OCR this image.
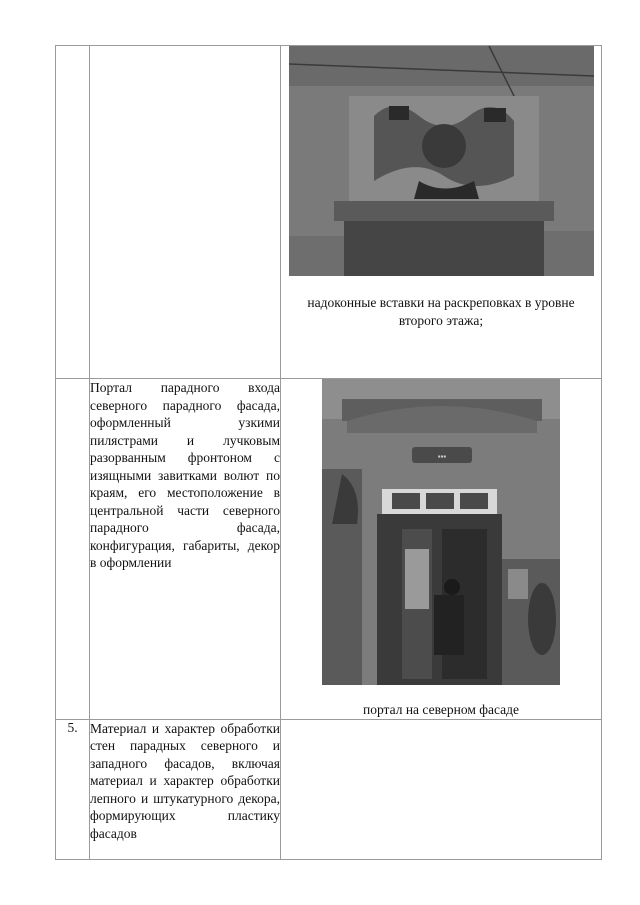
		надоконные вставки на раскреповках в уровне второго этажа;

	Портал парадного входа северного парадного фасада, оформленный узкими пилястрами и лучковым разорванным фронтоном с изящными завитками волют по краям, его местоположение в центральной части северного парадного фасада, конфигурация, габариты, декор в оформлении	▪▪▪
портал на северном фасаде

5.	Материал и характер обработки стен парадных северного и западного фасадов, включая материал и характер обработки лепного и штукатурного декора, формирующих пластику фасадов	
